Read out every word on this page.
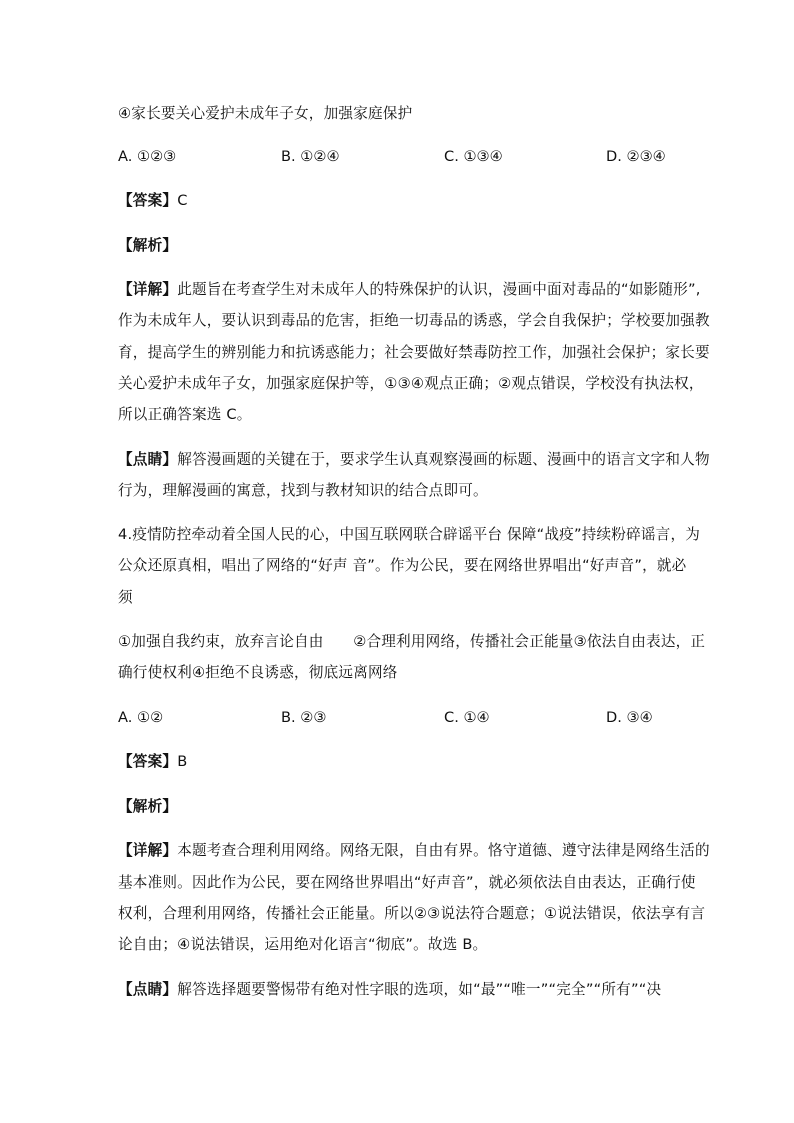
④家长要关心爱护未成年子女，加强家庭保护
A. ①②③	B. ①②④	C. ①③④	D. ②③④
【答案】C
【解析】
【详解】此题旨在考查学生对未成年人的特殊保护的认识，漫画中面对毒品的“如影随形”,
作为未成年人，要认识到毒品的危害，拒绝一切毒品的诱惑，学会自我保护；学校要加强教
育，提高学生的辨别能力和抗诱惑能力；社会要做好禁毒防控工作，加强社会保护；家长要
关心爱护未成年子女，加强家庭保护等，①③④观点正确；②观点错误，学校没有执法权，
所以正确答案选 C。
【点睛】解答漫画题的关键在于，要求学生认真观察漫画的标题、漫画中的语言文字和人物
行为，理解漫画的寓意，找到与教材知识的结合点即可。
4.疫情防控牵动着全国人民的心，中国互联网联合辟谣平台 保障“战疫”持续粉碎谣言，为
公众还原真相，唱出了网络的“好声 音”。作为公民，要在网络世界唱出“好声音”，就必
须
①加强自我约束，放弃言论自由　　②合理利用网络，传播社会正能量③依法自由表达，正
确行使权利④拒绝不良诱惑，彻底远离网络
A. ①②	B. ②③	C. ①④	D. ③④
【答案】B
【解析】
【详解】本题考查合理利用网络。网络无限，自由有界。恪守道德、遵守法律是网络生活的
基本准则。因此作为公民，要在网络世界唱出“好声音”，就必须依法自由表达，正确行使
权利，合理利用网络，传播社会正能量。所以②③说法符合题意；①说法错误，依法享有言
论自由；④说法错误，运用绝对化语言“彻底”。故选 B。
【点睛】解答选择题要警惕带有绝对性字眼的选项，如“最”“唯一”“完全”“所有”“决
